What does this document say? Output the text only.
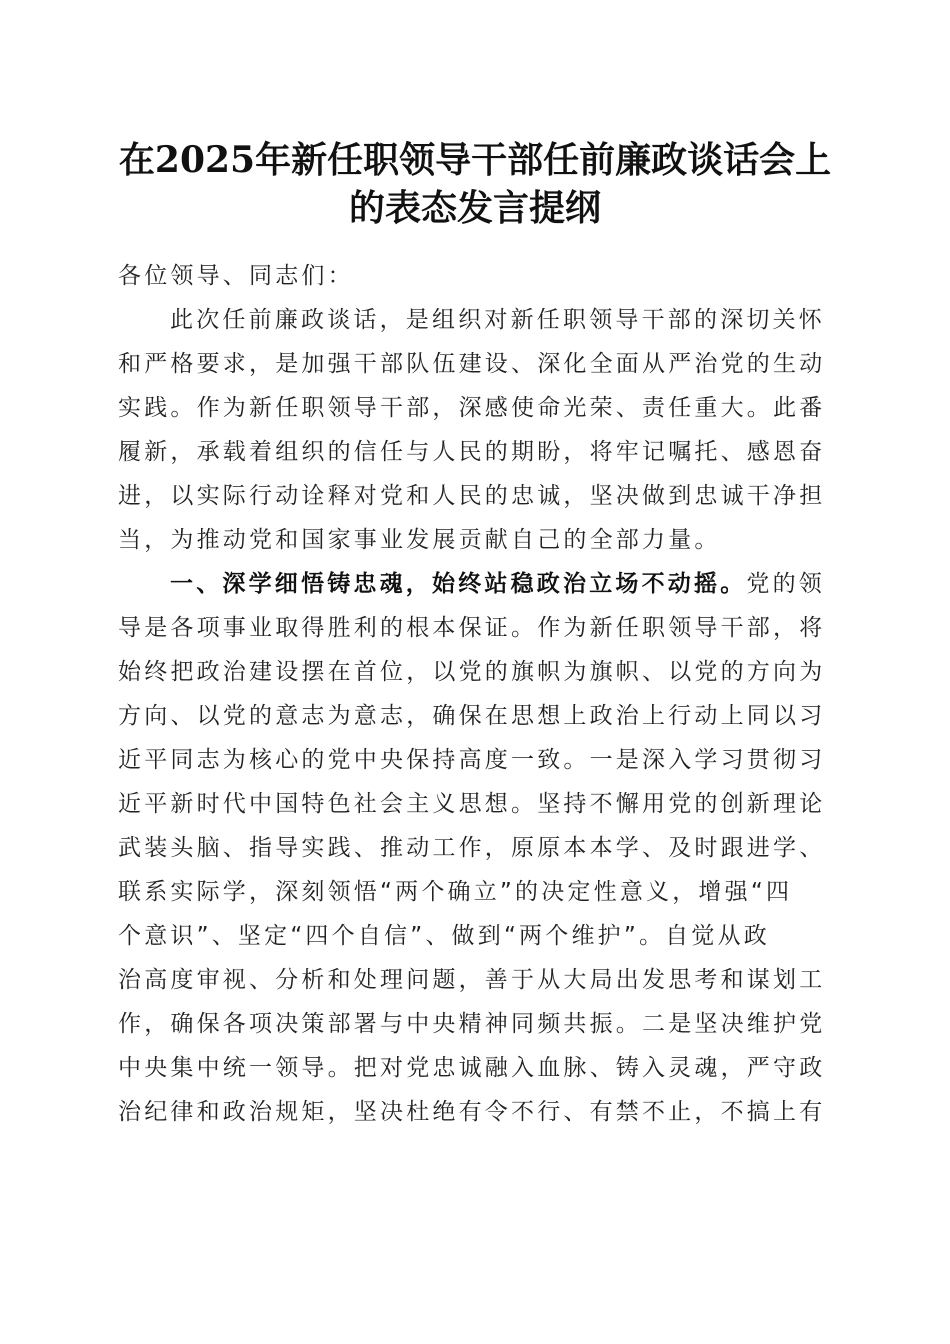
在2025年新任职领导干部任前廉政谈话会上
的表态发言提纲
各位领导、同志们：
此次任前廉政谈话，是组织对新任职领导干部的深切关怀
和严格要求，是加强干部队伍建设、深化全面从严治党的生动
实践。作为新任职领导干部，深感使命光荣、责任重大。此番
履新，承载着组织的信任与人民的期盼，将牢记嘱托、感恩奋
进，以实际行动诠释对党和人民的忠诚，坚决做到忠诚干净担
当，为推动党和国家事业发展贡献自己的全部力量。
一、深学细悟铸忠魂，始终站稳政治立场不动摇。党的领
导是各项事业取得胜利的根本保证。作为新任职领导干部，将
始终把政治建设摆在首位，以党的旗帜为旗帜、以党的方向为
方向、以党的意志为意志，确保在思想上政治上行动上同以习
近平同志为核心的党中央保持高度一致。一是深入学习贯彻习
近平新时代中国特色社会主义思想。坚持不懈用党的创新理论
武装头脑、指导实践、推动工作，原原本本学、及时跟进学、
联系实际学，深刻领悟“两个确立”的决定性意义，增强“四
个意识”、坚定“四个自信”、做到“两个维护”。自觉从政
治高度审视、分析和处理问题，善于从大局出发思考和谋划工
作，确保各项决策部署与中央精神同频共振。二是坚决维护党
中央集中统一领导。把对党忠诚融入血脉、铸入灵魂，严守政
治纪律和政治规矩，坚决杜绝有令不行、有禁不止，不搞上有
